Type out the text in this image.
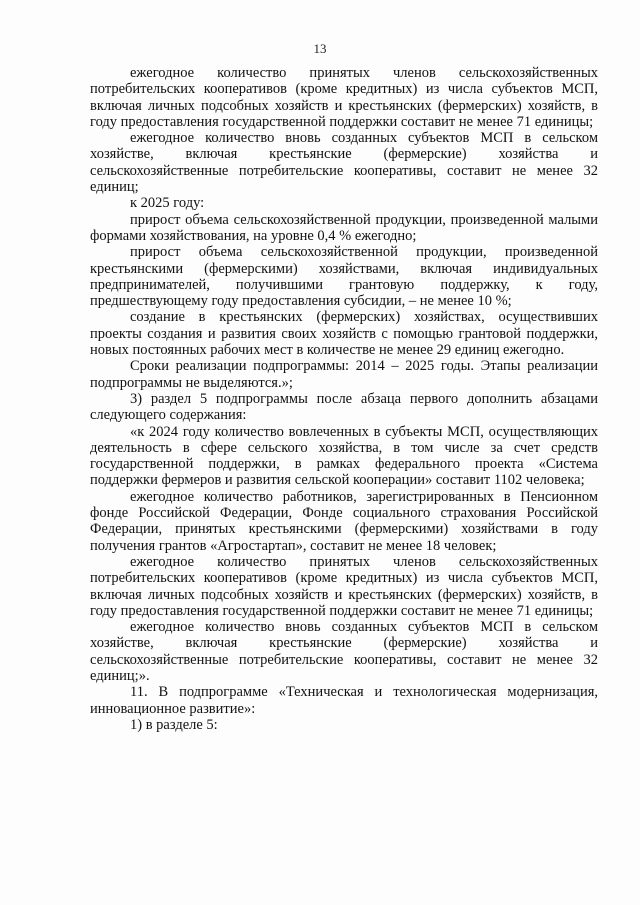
13

ежегодное количество принятых членов сельскохозяйственных потребительских кооперативов (кроме кредитных) из числа субъектов МСП, включая личных подсобных хозяйств и крестьянских (фермерских) хозяйств, в году предоставления государственной поддержки составит не менее 71 единицы;

ежегодное количество вновь созданных субъектов МСП в сельском хозяйстве, включая крестьянские (фермерские) хозяйства и сельскохозяйственные потребительские кооперативы, составит не менее 32 единиц;

к 2025 году:

прирост объема сельскохозяйственной продукции, произведенной малыми формами хозяйствования, на уровне 0,4 % ежегодно;

прирост объема сельскохозяйственной продукции, произведенной крестьянскими (фермерскими) хозяйствами, включая индивидуальных предпринимателей, получившими грантовую поддержку, к году, предшествующему году предоставления субсидии, – не менее 10 %;

создание в крестьянских (фермерских) хозяйствах, осуществивших проекты создания и развития своих хозяйств с помощью грантовой поддержки, новых постоянных рабочих мест в количестве не менее 29 единиц ежегодно.

Сроки реализации подпрограммы: 2014 – 2025 годы. Этапы реализации подпрограммы не выделяются.»;

3) раздел 5 подпрограммы после абзаца первого дополнить абзацами следующего содержания:

«к 2024 году количество вовлеченных в субъекты МСП, осуществляющих деятельность в сфере сельского хозяйства, в том числе за счет средств государственной поддержки, в рамках федерального проекта «Система поддержки фермеров и развития сельской кооперации» составит 1102 человека;

ежегодное количество работников, зарегистрированных в Пенсионном фонде Российской Федерации, Фонде социального страхования Российской Федерации, принятых крестьянскими (фермерскими) хозяйствами в году получения грантов «Агростартап», составит не менее 18 человек;

ежегодное количество принятых членов сельскохозяйственных потребительских кооперативов (кроме кредитных) из числа субъектов МСП, включая личных подсобных хозяйств и крестьянских (фермерских) хозяйств, в году предоставления государственной поддержки составит не менее 71 единицы;

ежегодное количество вновь созданных субъектов МСП в сельском хозяйстве, включая крестьянские (фермерские) хозяйства и сельскохозяйственные потребительские кооперативы, составит не менее 32 единиц;».

11. В подпрограмме «Техническая и технологическая модернизация, инновационное развитие»:

1) в разделе 5:
